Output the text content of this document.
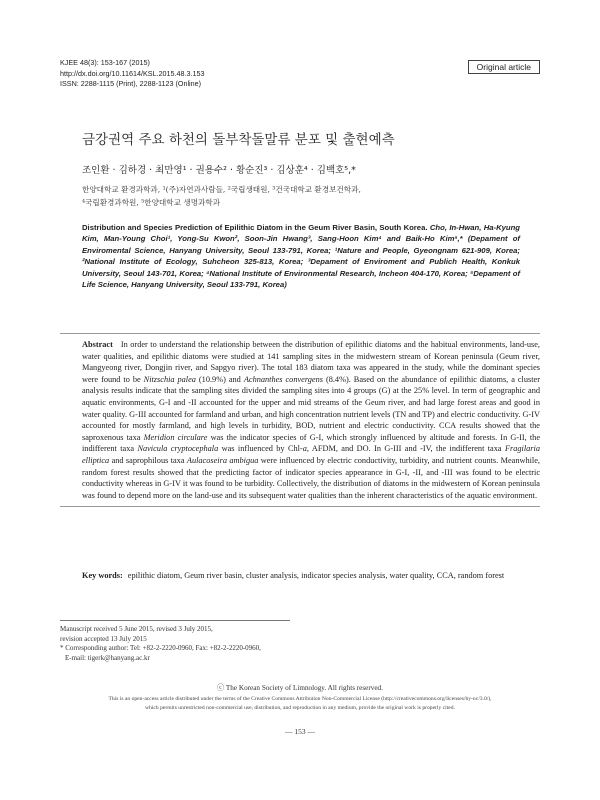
KJEE 48(3): 153-167 (2015)
http://dx.doi.org/10.11614/KSL.2015.48.3.153
ISSN: 2288-1115 (Print), 2288-1123 (Online)
Original article
금강권역 주요 하천의 돌부착돌말류 분포 및 출현예측
조인환 · 김하경 · 최만영¹ · 권용수² · 황순진³ · 김상훈⁴ · 김백호⁵,*
한양대학교 환경과학과, ¹(주)자연과사람들, ²국립생태원, ³건국대학교 환경보건학과,
⁴국립환경과학원, ⁵한양대학교 생명과학과
Distribution and Species Prediction of Epilithic Diatom in the Geum River Basin, South Korea. Cho, In-Hwan, Ha-Kyung Kim, Man-Young Choi¹, Yong-Su Kwon², Soon-Jin Hwang³, Sang-Hoon Kim⁴ and Baik-Ho Kim⁵,* (Depament of Enviromental Science, Hanyang University, Seoul 133-791, Korea; ¹Nature and People, Gyeongnam 621-909, Korea; ²National Institute of Ecology, Suhcheon 325-813, Korea; ³Depament of Enviroment and Publich Health, Konkuk University, Seoul 143-701, Korea; ⁴National Institute of Environmental Research, Incheon 404-170, Korea; ⁵Depament of Life Science, Hanyang University, Seoul 133-791, Korea)
Abstract In order to understand the relationship between the distribution of epilithic diatoms and the habitual environments, land-use, water qualities, and epilithic diatoms were studied at 141 sampling sites in the midwestern stream of Korean peninsula (Geum river, Mangyeong river, Dongjin river, and Sapgyo river). The total 183 diatom taxa was appeared in the study, while the dominant species were found to be Nitzschia palea (10.9%) and Achnanthes convergens (8.4%). Based on the abundance of epilithic diatoms, a cluster analysis results indicate that the sampling sites divided the sampling sites into 4 groups (G) at the 25% level. In term of geographic and aquatic environments, G-I and -II accounted for the upper and mid streams of the Geum river, and had large forest areas and good in water quality. G-III accounted for farmland and urban, and high concentration nutrient levels (TN and TP) and electric conductivity. G-IV accounted for mostly farmland, and high levels in turbidity, BOD, nutrient and electric conductivity. CCA results showed that the saproxenous taxa Meridion circulare was the indicator species of G-I, which strongly influenced by altitude and forests. In G-II, the indifferent taxa Navicula cryptocephala was influenced by Chl-a, AFDM, and DO. In G-III and -IV, the indifferent taxa Fragilaria elliptica and saprophilous taxa Aulacoseira ambigua were influenced by electric conductivity, turbidity, and nutrient counts. Meanwhile, random forest results showed that the predicting factor of indicator species appearance in G-I, -II, and -III was found to be electric conductivity whereas in G-IV it was found to be turbidity. Collectively, the distribution of diatoms in the midwestern of Korean peninsula was found to depend more on the land-use and its subsequent water qualities than the inherent characteristics of the aquatic environment.
Key words: epilithic diatom, Geum river basin, cluster analysis, indicator species analysis, water quality, CCA, random forest
Manuscript received 5 June 2015, revised 3 July 2015,
revision accepted 13 July 2015
* Corresponding author: Tel: +82-2-2220-0960, Fax: +82-2-2220-0960,
E-mail: tigerk@hanyang.ac.kr
ⓒ The Korean Society of Limnology. All rights reserved.
This is an open-access article distributed under the terms of the Creative Commons Attribution Non-Commercial License (http://creativecommons.org/licenses/by-nc/3.0/),
which permits unrestricted non-commercial use, distribution, and reproduction in any medium, provide the original work is properly cited.
— 153 —
